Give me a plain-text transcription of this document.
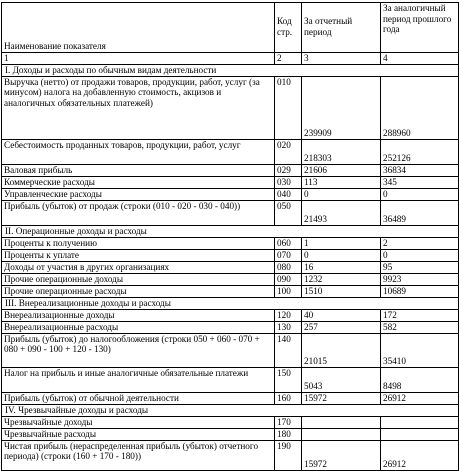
Наименование показателя	Код стр.	За отчетный период	За аналогичный период прошлого года
1	2	3	4
I. Доходы и расходы по обычным видам деятельности			
Выручка (нетто) от продажи товаров, продукции, работ, услуг (за минусом) налога на добавленную стоимость, акцизов и аналогичных обязательных платежей)	010	239909	288960
Себестоимость проданных товаров, продукции, работ, услуг	020	218303	252126
Валовая прибыль	029	21606	36834
Коммерческие расходы	030	113	345
Управленческие расходы	040	0	0
Прибыль (убыток) от продаж (строки (010 - 020 - 030 - 040))	050	21493	36489
II. Операционные доходы и расходы			
Проценты к получению	060	1	2
Проценты к уплате	070	0	0
Доходы от участия в других организациях	080	16	95
Прочие операционные доходы	090	1232	9923
Прочие операционные расходы	100	1510	10689
III. Внереализационные доходы и расходы			
Внереализационные доходы	120	40	172
Внереализационные расходы	130	257	582
Прибыль (убыток) до налогообложения (строки 050 + 060 - 070 + 080 + 090 - 100 + 120 - 130)	140	21015	35410
Налог на прибыль и иные аналогичные обязательные платежи	150	5043	8498
Прибыль (убыток) от обычной деятельности	160	15972	26912
IV. Чрезвычайные доходы и расходы			
Чрезвычайные доходы	170		
Чрезвычайные расходы	180		
Чистая прибыль (нераспределенная прибыль (убыток) отчетного периода) (строки (160 + 170 - 180))	190	15972	26912
